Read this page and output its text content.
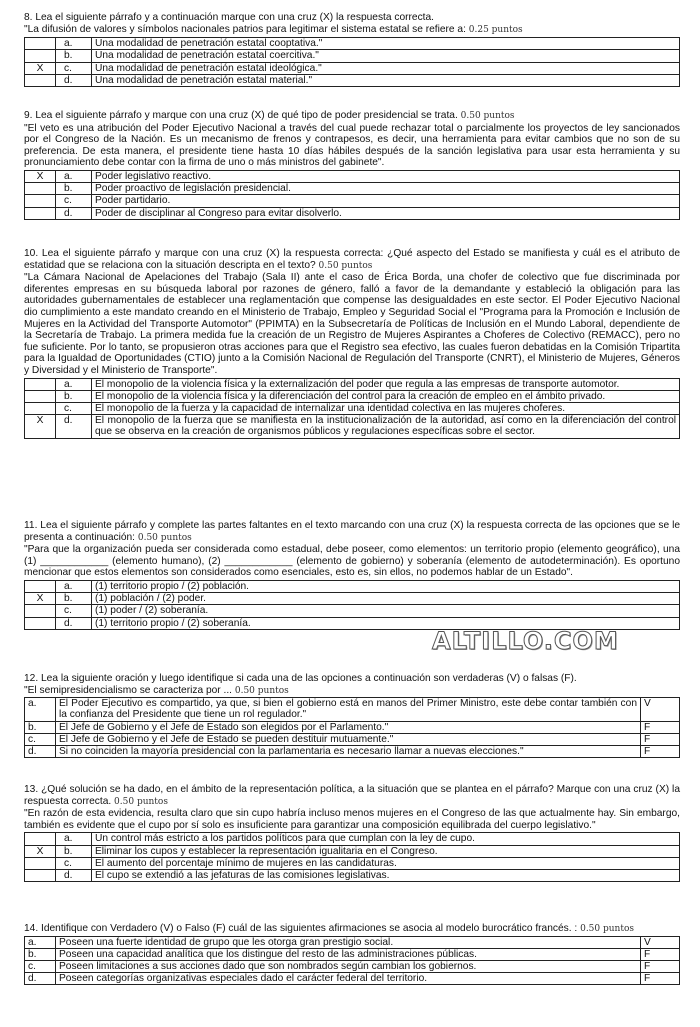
8. Lea el siguiente párrafo y a continuación marque con una cruz (X) la respuesta correcta.
"La difusión de valores y símbolos nacionales patrios para legitimar el sistema estatal se refiere a: 0.25 puntos
	a.	Una modalidad de penetración estatal cooptativa."
	b.	Una modalidad de penetración estatal coercitiva."
X	c.	Una modalidad de penetración estatal ideológica."
	d.	Una modalidad de penetración estatal material."
9. Lea el siguiente párrafo y marque con una cruz (X) de qué tipo de poder presidencial se trata. 0.50 puntos
"El veto es una atribución del Poder Ejecutivo Nacional a través del cual puede rechazar total o parcialmente los proyectos de ley sancionados por el Congreso de la Nación. Es un mecanismo de frenos y contrapesos, es decir, una herramienta para evitar cambios que no son de su preferencia. De esta manera, el presidente tiene hasta 10 días hábiles después de la sanción legislativa para usar esta herramienta y su pronunciamiento debe contar con la firma de uno o más ministros del gabinete".
X	a.	Poder legislativo reactivo.
	b.	Poder proactivo de legislación presidencial.
	c.	Poder partidario.
	d.	Poder de disciplinar al Congreso para evitar disolverlo.
10. Lea el siguiente párrafo y marque con una cruz (X) la respuesta correcta: ¿Qué aspecto del Estado se manifiesta y cuál es el atributo de estatidad que se relaciona con la situación descripta en el texto? 0.50 puntos
"La Cámara Nacional de Apelaciones del Trabajo (Sala II) ante el caso de Érica Borda, una chofer de colectivo que fue discriminada por diferentes empresas en su búsqueda laboral por razones de género, falló a favor de la demandante y estableció la obligación para las autoridades gubernamentales de establecer una reglamentación que compense las desigualdades en este sector. El Poder Ejecutivo Nacional dio cumplimiento a este mandato creando en el Ministerio de Trabajo, Empleo y Seguridad Social el "Programa para la Promoción e Inclusión de Mujeres en la Actividad del Transporte Automotor" (PPIMTA) en la Subsecretaría de Políticas de Inclusión en el Mundo Laboral, dependiente de la Secretaría de Trabajo. La primera medida fue la creación de un Registro de Mujeres Aspirantes a Choferes de Colectivo (REMACC), pero no fue suficiente. Por lo tanto, se propusieron otras acciones para que el Registro sea efectivo, las cuales fueron debatidas en la Comisión Tripartita para la Igualdad de Oportunidades (CTIO) junto a la Comisión Nacional de Regulación del Transporte (CNRT), el Ministerio de Mujeres, Géneros y Diversidad y el Ministerio de Transporte".
	a.	El monopolio de la violencia física y la externalización del poder que regula a las empresas de transporte automotor.
	b.	El monopolio de la violencia física y la diferenciación del control para la creación de empleo en el ámbito privado.
	c.	El monopolio de la fuerza y la capacidad de internalizar una identidad colectiva en las mujeres choferes.
X	d.	El monopolio de la fuerza que se manifiesta en la institucionalización de la autoridad, así como en la diferenciación del control que se observa en la creación de organismos públicos y regulaciones específicas sobre el sector.
11. Lea el siguiente párrafo y complete las partes faltantes en el texto marcando con una cruz (X) la respuesta correcta de las opciones que se le presenta a continuación: 0.50 puntos
"Para que la organización pueda ser considerada como estadual, debe poseer, como elementos: un territorio propio (elemento geográfico), una (1) ____________ (elemento humano), (2) ____________ (elemento de gobierno) y soberanía (elemento de autodeterminación). Es oportuno mencionar que estos elementos son considerados como esenciales, esto es, sin ellos, no podemos hablar de un Estado".
	a.	(1) territorio propio / (2) población.
X	b.	(1) población / (2) poder.
	c.	(1) poder / (2) soberanía.
	d.	(1) territorio propio / (2) soberanía.
ALTILLO.COM
12. Lea la siguiente oración y luego identifique si cada una de las opciones a continuación son verdaderas (V) o falsas (F).
"El semipresidencialismo se caracteriza por ... 0.50 puntos
a.	El Poder Ejecutivo es compartido, ya que, si bien el gobierno está en manos del Primer Ministro, este debe contar también con la confianza del Presidente que tiene un rol regulador."	V
b.	El Jefe de Gobierno y el Jefe de Estado son elegidos por el Parlamento."	F
c.	El Jefe de Gobierno y el Jefe de Estado se pueden destituir mutuamente."	F
d.	Si no coinciden la mayoría presidencial con la parlamentaria es necesario llamar a nuevas elecciones."	F
13. ¿Qué solución se ha dado, en el ámbito de la representación política, a la situación que se plantea en el párrafo? Marque con una cruz (X) la respuesta correcta. 0.50 puntos
"En razón de esta evidencia, resulta claro que sin cupo habría incluso menos mujeres en el Congreso de las que actualmente hay. Sin embargo, también es evidente que el cupo por sí solo es insuficiente para garantizar una composición equilibrada del cuerpo legislativo."
	a.	Un control más estricto a los partidos políticos para que cumplan con la ley de cupo.
X	b.	Eliminar los cupos y establecer la representación igualitaria en el Congreso.
	c.	El aumento del porcentaje mínimo de mujeres en las candidaturas.
	d.	El cupo se extendió a las jefaturas de las comisiones legislativas.
14. Identifique con Verdadero (V) o Falso (F) cuál de las siguientes afirmaciones se asocia al modelo burocrático francés. : 0.50 puntos
a.	Poseen una fuerte identidad de grupo que les otorga gran prestigio social.	V
b.	Poseen una capacidad analítica que los distingue del resto de las administraciones públicas.	F
c.	Poseen limitaciones a sus acciones dado que son nombrados según cambian los gobiernos.	F
d.	Poseen categorías organizativas especiales dado el carácter federal del territorio.	F
